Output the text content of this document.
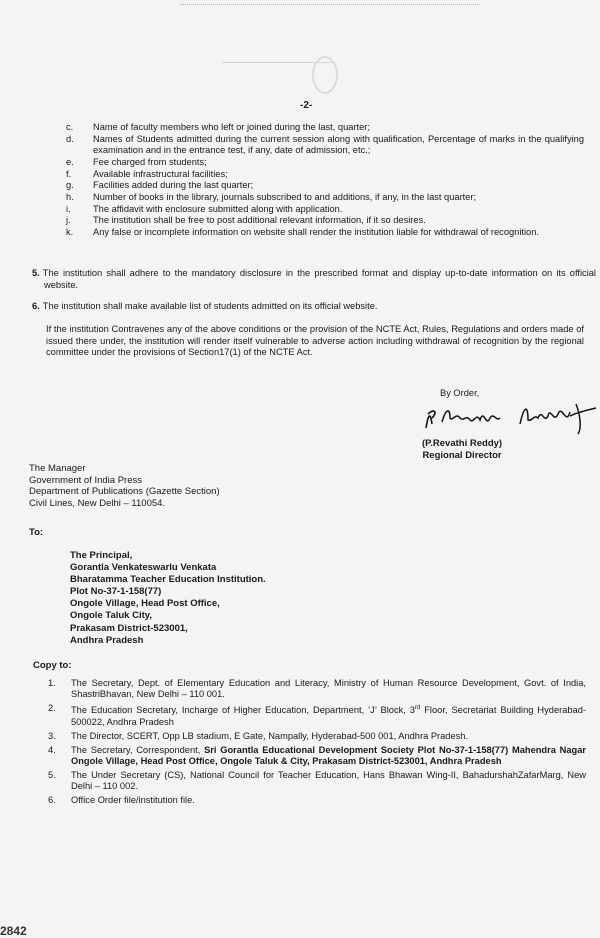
-2-
c.	Name of faculty members who left or joined during the last, quarter;
d.	Names of Students admitted during the current session along with qualification, Percentage of marks in the qualifying examination and in the entrance test, if any, date of admission, etc.;
e.	Fee charged from students;
f.	Available infrastructural facilities;
g.	Facilities added during the last quarter;
h.	Number of books in the library, journals subscribed to and additions, if any, in the last quarter;
i.	The affidavit with enclosure submitted along with application.
j.	The institution shall be free to post additional relevant information, if it so desires.
k.	Any false or incomplete information on website shall render the institution liable for withdrawal of recognition.
5. The institution shall adhere to the mandatory disclosure in the prescribed format and display up-to-date information on its official website.
6. The institution shall make available list of students admitted on its official website.
If the institution Contravenes any of the above conditions or the provision of the NCTE Act, Rules, Regulations and orders made of issued there under, the institution will render itself vulnerable to adverse action including withdrawal of recognition by the regional committee under the provisions of Section17(1) of the NCTE Act.
By Order,
(P.Revathi Reddy)
Regional Director
The Manager
Government of India Press
Department of Publications (Gazette Section)
Civil Lines, New Delhi – 110054.
To:
The Principal,
Gorantla Venkateswarlu Venkata
Bharatamma Teacher Education Institution.
Plot No-37-1-158(77)
Ongole Village, Head Post Office,
Ongole Taluk City,
Prakasam District-523001,
Andhra Pradesh
Copy to:
1.	The Secretary, Dept. of Elementary Education and Literacy, Ministry of Human Resource Development, Govt. of India, ShastriBhavan, New Delhi – 110 001.
2.	The Education Secretary, Incharge of Higher Education, Department, ‘J’ Block, 3rd Floor, Secretariat Building Hyderabad-500022, Andhra Pradesh
3.	The Director, SCERT, Opp LB stadium, E Gate, Nampally, Hyderabad-500 001, Andhra Pradesh.
4.	The Secretary, Correspondent, Sri Gorantla Educational Development Society Plot No-37-1-158(77) Mahendra Nagar Ongole Village, Head Post Office, Ongole Taluk & City, Prakasam District-523001, Andhra Pradesh
5.	The Under Secretary (CS), National Council for Teacher Education, Hans Bhawan Wing-II, BahadurshahZafarMarg, New Delhi – 110 002.
6.	Office Order file/institution file.
2842
